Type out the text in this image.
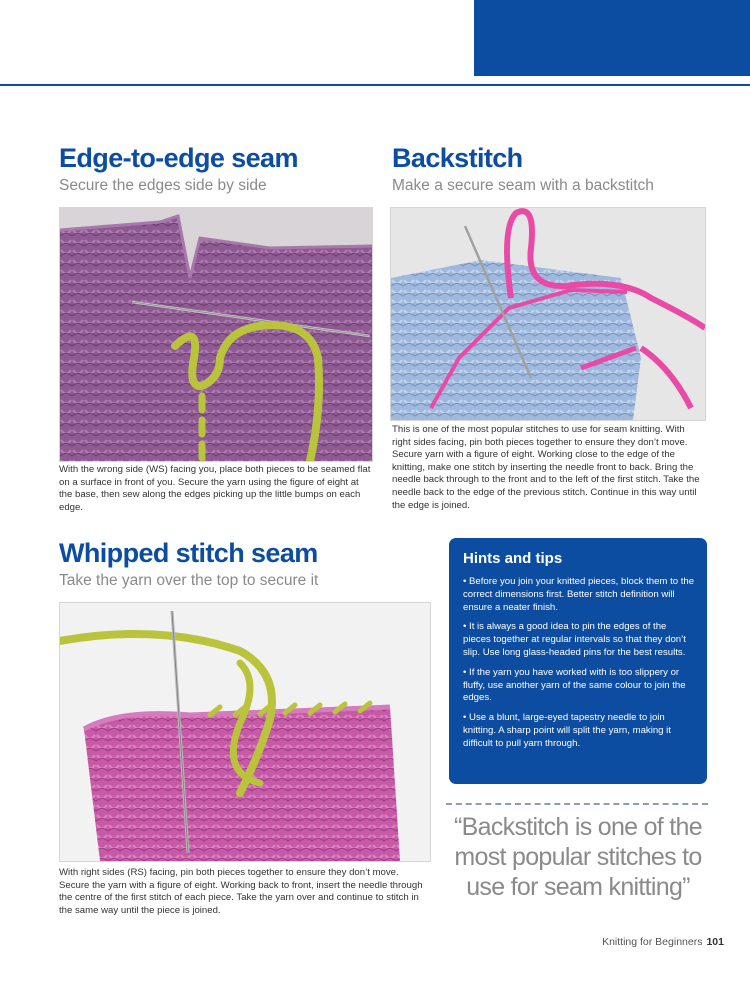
Edge-to-edge seam

Secure the edges side by side

With the wrong side (WS) facing you, place both pieces to be seamed flat on a surface in front of you. Secure the yarn using the figure of eight at the base, then sew along the edges picking up the little bumps on each edge.

Backstitch

Make a secure seam with a backstitch

This is one of the most popular stitches to use for seam knitting. With right sides facing, pin both pieces together to ensure they don’t move. Secure yarn with a figure of eight. Working close to the edge of the knitting, make one stitch by inserting the needle front to back. Bring the needle back through to the front and to the left of the first stitch. Take the needle back to the edge of the previous stitch. Continue in this way until the edge is joined.

Whipped stitch seam

Take the yarn over the top to secure it

With right sides (RS) facing, pin both pieces together to ensure they don’t move. Secure the yarn with a figure of eight. Working back to front, insert the needle through the centre of the first stitch of each piece. Take the yarn over and continue to stitch in the same way until the piece is joined.

Hints and tips

• Before you join your knitted pieces, block them to the correct dimensions first. Better stitch definition will ensure a neater finish.

• It is always a good idea to pin the edges of the pieces together at regular intervals so that they don’t slip. Use long glass-headed pins for the best results.

• If the yarn you have worked with is too slippery or fluffy, use another yarn of the same colour to join the edges.

• Use a blunt, large-eyed tapestry needle to join knitting. A sharp point will split the yarn, making it difficult to pull yarn through.

“Backstitch is one of the most popular stitches to use for seam knitting”

Knitting for Beginners 101
